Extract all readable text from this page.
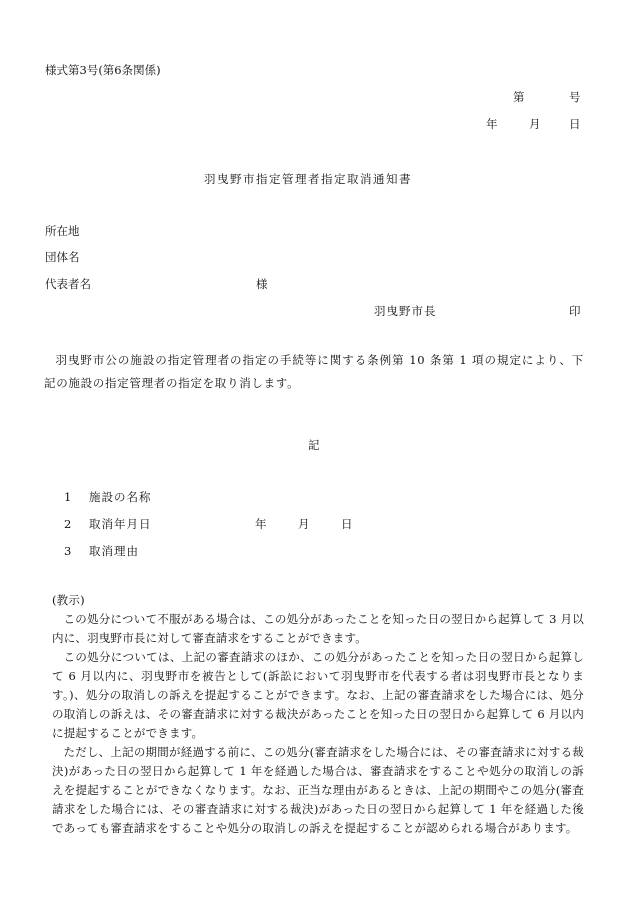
様式第3号(第6条関係)
第	号
年	月 日
羽曳野市指定管理者指定取消通知書
所在地
団体名
代表者名	様
羽曳野市長	印

羽曳野市公の施設の指定管理者の指定の手続等に関する条例第 10 条第 1 項の規定により、下記の施設の指定管理者の指定を取り消します。

記
1 施設の名称
2 取消年月日	年	月	日
3 取消理由

(教示)

この処分について不服がある場合は、この処分があったことを知った日の翌日から起算して 3 月以内に、羽曳野市長に対して審査請求をすることができます。

この処分については、上記の審査請求のほか、この処分があったことを知った日の翌日から起算して 6 月以内に、羽曳野市を被告として(訴訟において羽曳野市を代表する者は羽曳野市長となります。)、処分の取消しの訴えを提起することができます。なお、上記の審査請求をした場合には、処分の取消しの訴えは、その審査請求に対する裁決があったことを知った日の翌日から起算して 6 月以内に提起することができます。

ただし、上記の期間が経過する前に、この処分(審査請求をした場合には、その審査請求に対する裁決)があった日の翌日から起算して 1 年を経過した場合は、審査請求をすることや処分の取消しの訴えを提起することができなくなります。なお、正当な理由があるときは、上記の期間やこの処分(審査請求をした場合には、その審査請求に対する裁決)があった日の翌日から起算して 1 年を経過した後であっても審査請求をすることや処分の取消しの訴えを提起することが認められる場合があります。
